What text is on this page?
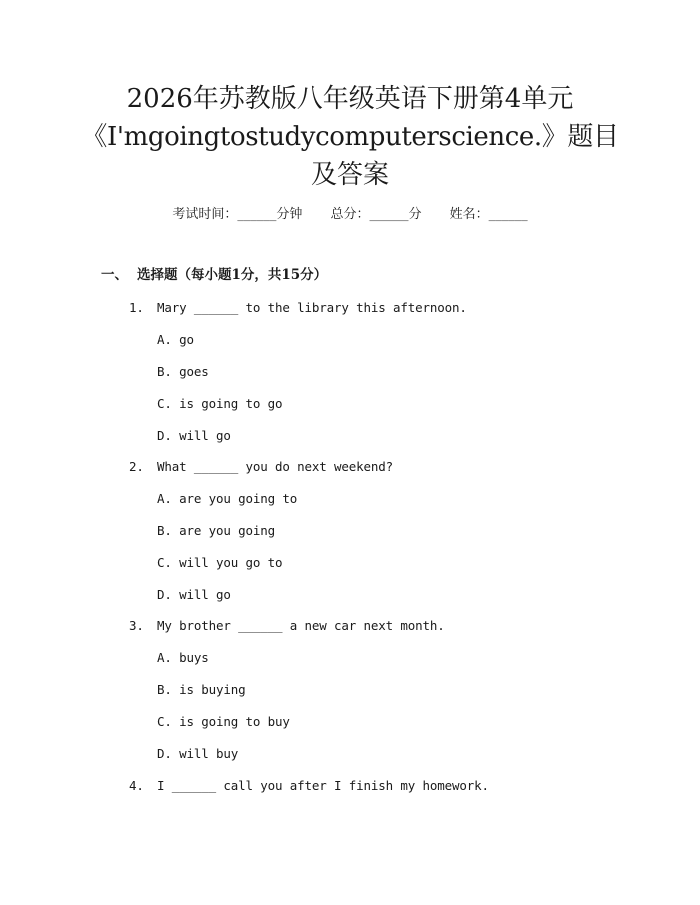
2026年苏教版八年级英语下册第4单元
《I'mgoingtostudycomputerscience.》题目
及答案
考试时间：______分钟 总分：______分 姓名：______
一、 选择题（每小题1分，共15分）
1. Mary ______ to the library this afternoon.
A. go
B. goes
C. is going to go
D. will go
2. What ______ you do next weekend?
A. are you going to
B. are you going
C. will you go to
D. will go
3. My brother ______ a new car next month.
A. buys
B. is buying
C. is going to buy
D. will buy
4. I ______ call you after I finish my homework.
